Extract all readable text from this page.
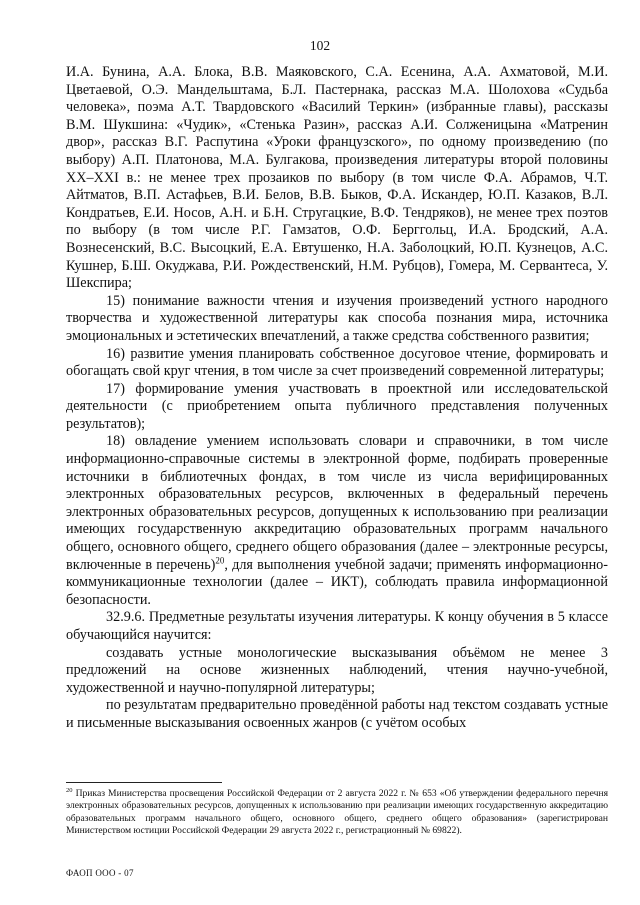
102

И.А. Бунина, А.А. Блока, В.В. Маяковского, С.А. Есенина, А.А. Ахматовой, М.И. Цветаевой, О.Э. Мандельштама, Б.Л. Пастернака, рассказ М.А. Шолохова «Судьба человека», поэма А.Т. Твардовского «Василий Теркин» (избранные главы), рассказы В.М. Шукшина: «Чудик», «Стенька Разин», рассказ А.И. Солженицына «Матренин двор», рассказ В.Г. Распутина «Уроки французского», по одному произведению (по выбору) А.П. Платонова, М.А. Булгакова, произведения литературы второй половины XX–XXI в.: не менее трех прозаиков по выбору (в том числе Ф.А. Абрамов, Ч.Т. Айтматов, В.П. Астафьев, В.И. Белов, В.В. Быков, Ф.А. Искандер, Ю.П. Казаков, В.Л. Кондратьев, Е.И. Носов, А.Н. и Б.Н. Стругацкие, В.Ф. Тендряков), не менее трех поэтов по выбору (в том числе Р.Г. Гамзатов, О.Ф. Берггольц, И.А. Бродский, А.А. Вознесенский, В.С. Высоцкий, Е.А. Евтушенко, Н.А. Заболоцкий, Ю.П. Кузнецов, А.С. Кушнер, Б.Ш. Окуджава, Р.И. Рождественский, Н.М. Рубцов), Гомера, М. Сервантеса, У. Шекспира;

15) понимание важности чтения и изучения произведений устного народного творчества и художественной литературы как способа познания мира, источника эмоциональных и эстетических впечатлений, а также средства собственного развития;

16) развитие умения планировать собственное досуговое чтение, формировать и обогащать свой круг чтения, в том числе за счет произведений современной литературы;

17) формирование умения участвовать в проектной или исследовательской деятельности (с приобретением опыта публичного представления полученных результатов);

18) овладение умением использовать словари и справочники, в том числе информационно-справочные системы в электронной форме, подбирать проверенные источники в библиотечных фондах, в том числе из числа верифицированных электронных образовательных ресурсов, включенных в федеральный перечень электронных образовательных ресурсов, допущенных к использованию при реализации имеющих государственную аккредитацию образовательных программ начального общего, основного общего, среднего общего образования (далее – электронные ресурсы, включенные в перечень)$^{20}$, для выполнения учебной задачи; применять информационно-коммуникационные технологии (далее – ИКТ), соблюдать правила информационной безопасности.

32.9.6. Предметные результаты изучения литературы. К концу обучения в 5 классе обучающийся научится:

создавать устные монологические высказывания объёмом не менее 3 предложений на основе жизненных наблюдений, чтения научно-учебной, художественной и научно-популярной литературы;

по результатам предварительно проведённой работы над текстом создавать устные и письменные высказывания освоенных жанров (с учётом особых

$^{20}$ Приказ Министерства просвещения Российской Федерации от 2 августа 2022 г. № 653 «Об утверждении федерального перечня электронных образовательных ресурсов, допущенных к использованию при реализации имеющих государственную аккредитацию образовательных программ начального общего, основного общего, среднего общего образования» (зарегистрирован Министерством юстиции Российской Федерации 29 августа 2022 г., регистрационный № 69822).
ФАОП ООО - 07
